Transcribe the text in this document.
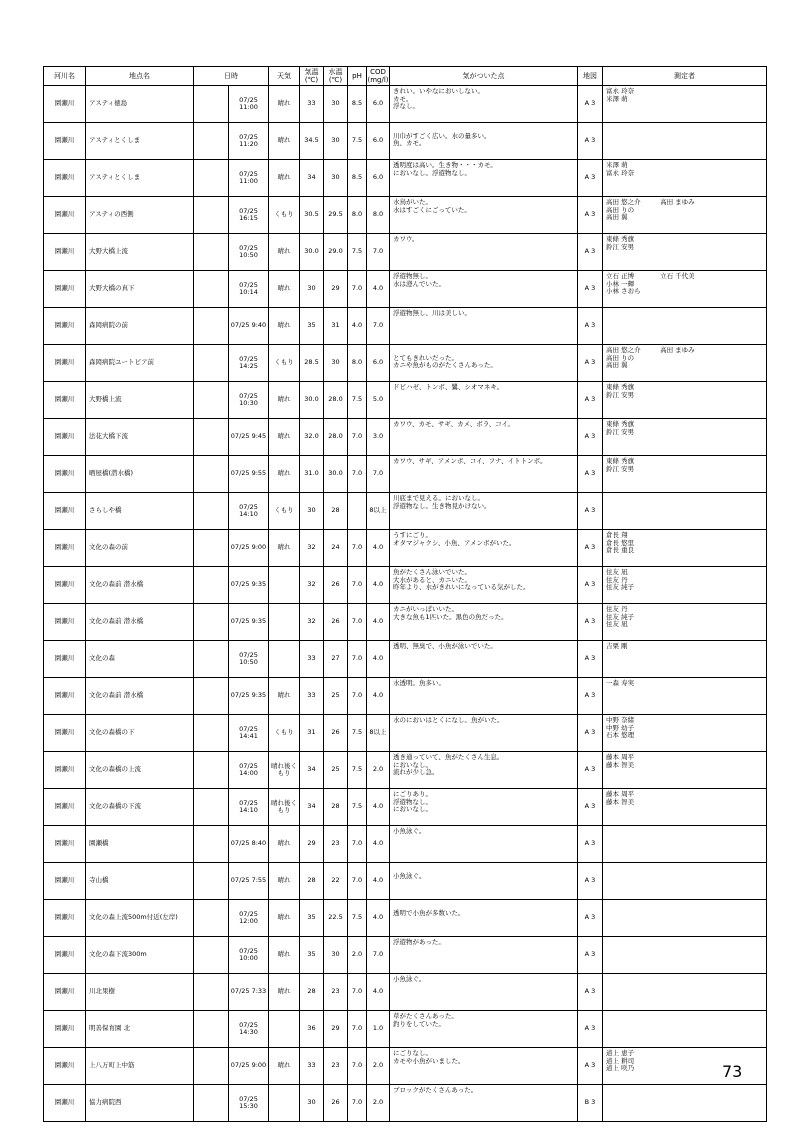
河川名	地点名	日時		天気	気温
(℃)	水温
(℃)	pH	COD
(mg/l)	気がついた点	地図	測定者
園瀬川	アスティ徳島		07/25 11:00	晴れ	33	30	8.5	6.0	きれい。いやなにおいしない。
カモ。
浮なし。	A 3	富永 玲奈
米澤 萌
園瀬川	アスティとくしま		07/25 11:20	晴れ	34.5	30	7.5	6.0	
川巾がすごく広い。水の量多い。
魚、カモ。	A 3	
園瀬川	アスティとくしま		07/25 11:00	晴れ	34	30	8.5	6.0	透明度は高い。生き物・・・カモ。
においなし。浮遊物なし。	A 3	米澤 萌
富永 玲奈
園瀬川	アスティの西側		07/25 16:15	くもり	30.5	29.5	8.0	8.0	水鳥がいた。
水はすごくにごっていた。	A 3	高田 悠之介　　　高田 まゆみ
高田 りの
高田 翼
園瀬川	大野大橋上流		07/25 10:50	晴れ	30.0	29.0	7.5	7.0	カワウ。	A 3	東條 秀旗
鈴江 安男
園瀬川	大野大橋の真下		07/25 10:14	晴れ	30	29	7.0	4.0	浮遊物無し。
水は澄んでいた。	A 3	立石 正博　　　　立石 千代美
小林 一輝
小林 さおら
園瀬川	森岡病院の前		07/25 9:40	晴れ	35	31	4.0	7.0	浮遊物無し、川は美しい。	A 3	
園瀬川	森岡病院ユートピア前		07/25 14:25	くもり	28.5	30	8.0	6.0	
とてもきれいだった。
カニや魚がものがたくさんあった。	A 3	高田 悠之介　　　高田 まゆみ
高田 りの
高田 翼
園瀬川	大野橋上流		07/25 10:30	晴れ	30.0	28.0	7.5	5.0	ドビハゼ、トンボ、鷺、シオマネキ。	A 3	東條 秀旗
鈴江 安男
園瀬川	法花大橋下流		07/25 9:45	晴れ	32.0	28.0	7.0	3.0	カワウ、カモ、サギ、カメ、ボラ、コイ。	A 3	東條 秀旗
鈴江 安男
園瀬川	晒屋橋(潜水橋)		07/25 9:55	晴れ	31.0	30.0	7.0	7.0	カワウ、サギ、アメンボ、コイ、フナ、イトトンボ。	A 3	東條 秀旗
鈴江 安男
園瀬川	さらしや橋		07/25 14:10	くもり	30	28		8以上	川底まで見える。においなし。
浮遊物なし。生き物見かけない。	A 3	
園瀬川	文化の森の前		07/25 9:00	晴れ	32	24	7.0	4.0	うすにごり。
オタマジャクシ、小魚、アメンボがいた。	A 3	倉長 翔
倉長 悠里
倉長 重良
園瀬川	文化の森前 潜水橋		07/25 9:35		32	26	7.0	4.0	魚がたくさん泳いでいた。
大水があると、カニいた。
昨年より、水がきれいになっている気がした。	A 3	住友 凪
住友 丹
住友 純子
園瀬川	文化の森前 潜水橋		07/25 9:35		32	26	7.0	4.0	カニがいっぱいいた。
大きな魚も1匹いた。黒色の魚だった。	A 3	住友 丹
住友 純子
住友 凪
園瀬川	文化の森		07/25 10:50		33	27	7.0	4.0	透明、無臭で、小魚が泳いでいた。	A 3	吉栗 剛
園瀬川	文化の森前 潜水橋		07/25 9:35	晴れ	33	25	7.0	4.0	水透明。魚多い。	A 3	一森 寿実
園瀬川	文化の森橋の下		07/25 14:41	くもり	31	26	7.5	8以上	水のにおいはとくになし。魚がいた。	A 3	中野 奈緒
中野 幼子
石本 悠理
園瀬川	文化の森橋の上流		07/25 14:00	晴れ後く
もり	34	25	7.5	2.0	透き通っていて、魚がたくさん生息。
においなし。
流れが少し急。	A 3	藤本 周平
藤本 智美
園瀬川	文化の森橋の下流		07/25 14:10	晴れ後く
もり	34	28	7.5	4.0	にごりあり。
浮遊物なし。
においなし。	A 3	藤本 周平
藤本 智美
園瀬川	園瀬橋		07/25 8:40	晴れ	29	23	7.0	4.0	小魚泳ぐ。	A 3	
園瀬川	寺山橋		07/25 7:55	晴れ	28	22	7.0	4.0	
小魚泳ぐ。	A 3	
園瀬川	文化の森上流500m付近(左岸)		07/25 12:00	晴れ	35	22.5	7.5	4.0	
透明で小魚が多数いた。	A 3	
園瀬川	文化の森下流300m		07/25 10:00	晴れ	35	30	2.0	7.0	浮遊物があった。	A 3	
園瀬川	川北果樹		07/25 7:33	晴れ	28	23	7.0	4.0	小魚泳ぐ。	A 3	
園瀬川	明善保育園 北		07/25 14:30		36	29	7.0	1.0	草がたくさんあった。
釣りをしていた。	A 3	
園瀬川	上八万町上中筋		07/25 9:00	晴れ	33	23	7.0	2.0	にごりなし。
カモや小魚がいました。	A 3	道上 恵子
道上 耕司
道上 咲乃
園瀬川	協力病院西		07/25 15:30		30	26	7.0	2.0	ブロックがたくさんあった。	B 3	
73
